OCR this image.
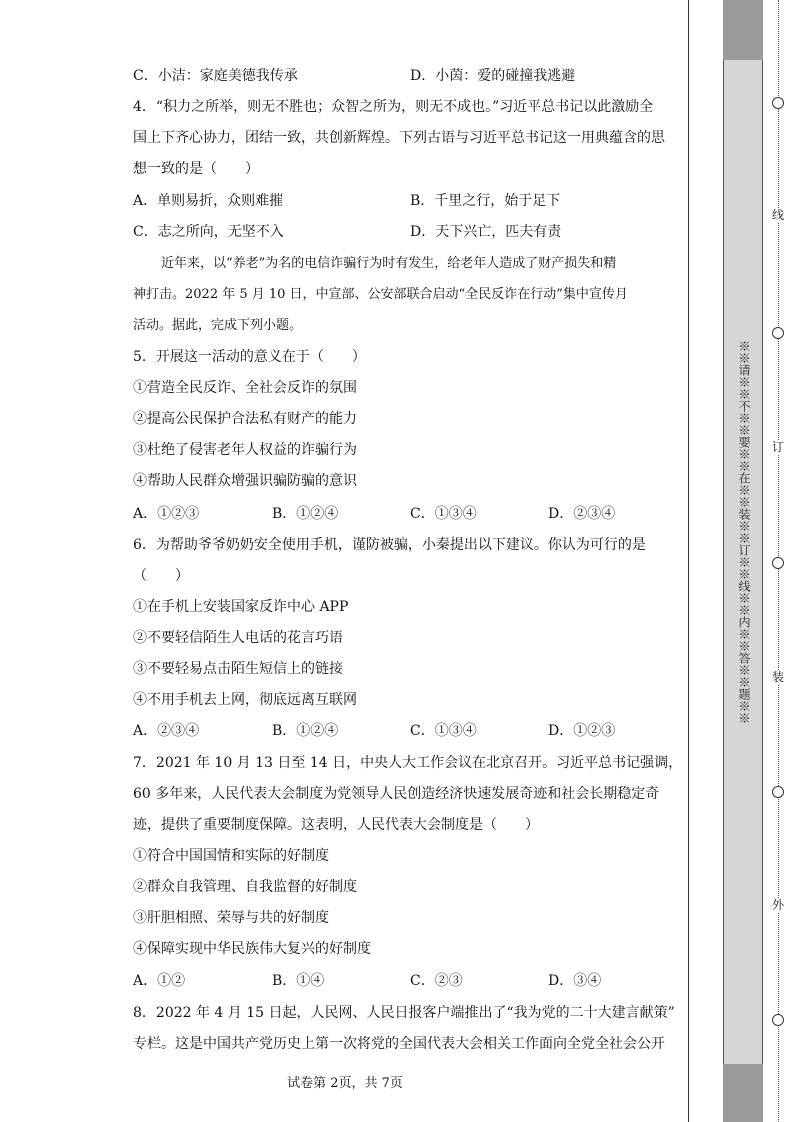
C．小洁：家庭美德我传承	D．小茵：爱的碰撞我逃避
4．“积力之所举，则无不胜也；众智之所为，则无不成也。”习近平总书记以此激励全
国上下齐心协力，团结一致，共创新辉煌。下列古语与习近平总书记这一用典蕴含的思
想一致的是（　　）
A．单则易折，众则难摧	B．千里之行，始于足下
C．志之所向，无坚不入	D．天下兴亡，匹夫有责
近年来，以“养老”为名的电信诈骗行为时有发生，给老年人造成了财产损失和精
神打击。2022 年 5 月 10 日，中宣部、公安部联合启动“全民反诈在行动”集中宣传月
活动。据此，完成下列小题。
5．开展这一活动的意义在于（　　）
①营造全民反诈、全社会反诈的氛围
②提高公民保护合法私有财产的能力
③杜绝了侵害老年人权益的诈骗行为
④帮助人民群众增强识骗防骗的意识
A．①②③	B．①②④	C．①③④	D．②③④
6．为帮助爷爷奶奶安全使用手机，谨防被骗，小秦提出以下建议。你认为可行的是
（　　）
①在手机上安装国家反诈中心 APP
②不要轻信陌生人电话的花言巧语
③不要轻易点击陌生短信上的链接
④不用手机去上网，彻底远离互联网
A．②③④	B．①②④	C．①③④	D．①②③
7．2021 年 10 月 13 日至 14 日，中央人大工作会议在北京召开。习近平总书记强调，
60 多年来，人民代表大会制度为党领导人民创造经济快速发展奇迹和社会长期稳定奇
迹，提供了重要制度保障。这表明，人民代表大会制度是（　　）
①符合中国国情和实际的好制度
②群众自我管理、自我监督的好制度
③肝胆相照、荣辱与共的好制度
④保障实现中华民族伟大复兴的好制度
A．①②	B．①④	C．②③	D．③④
8．2022 年 4 月 15 日起，人民网、人民日报客户端推出了“我为党的二十大建言献策”
专栏。这是中国共产党历史上第一次将党的全国代表大会相关工作面向全党全社会公开
试卷第 2页，共 7页
※※请※※不※※要※※在※※装※※订※※线※※内※※答※※题※※
线
订
装
外
